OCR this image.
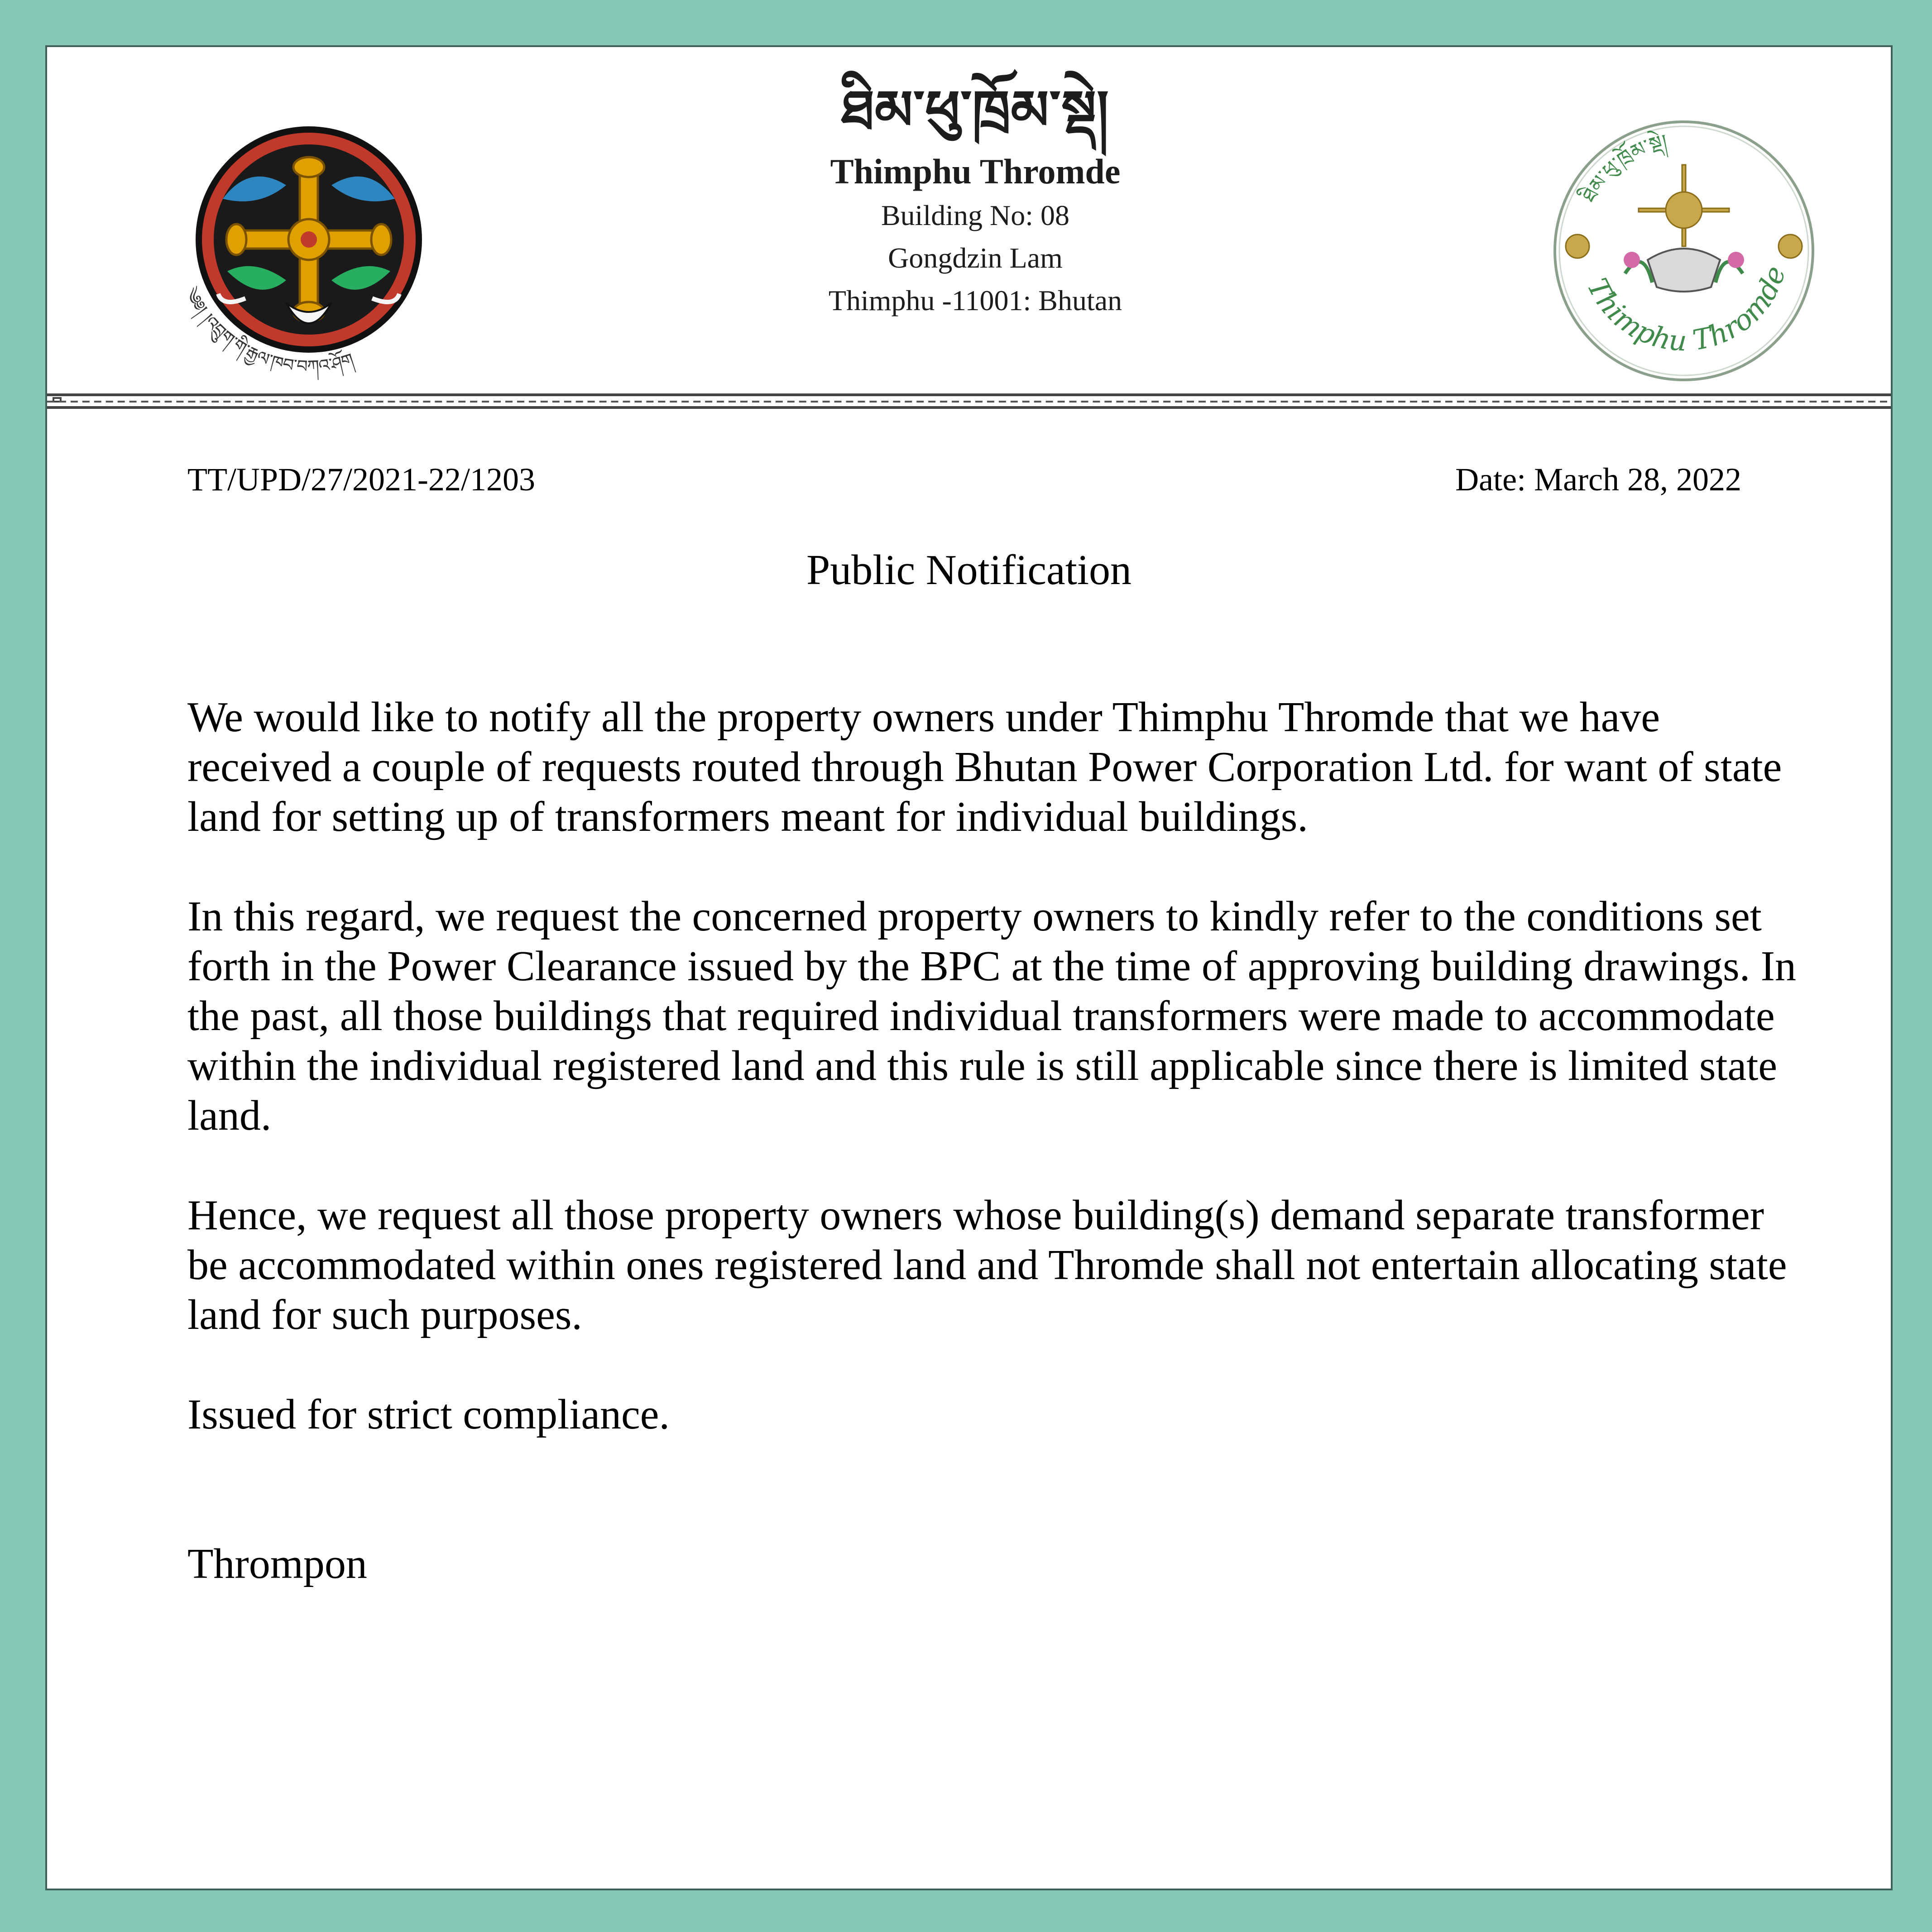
༄༅། །འབྲུག་གི་རྒྱལ་ཁབ་བཀའ་ཤོག

ཐིམ་ཕུ་ཁྲོམ་སྡེ།

Thimphu Thromde

Building No: 08

Gongdzin Lam

Thimphu -11001: Bhutan

ཐིམ་ཕུ་ཁྲོམ་སྡེ།
Thimphu Thromde

TT/UPD/27/2021-22/1203	Date: March 28, 2022

Public Notification

We would like to notify all the property owners under Thimphu Thromde that we have received a couple of requests routed through Bhutan Power Corporation Ltd. for want of state land for setting up of transformers meant for individual buildings.

In this regard, we request the concerned property owners to kindly refer to the conditions set forth in the Power Clearance issued by the BPC at the time of approving building drawings. In the past, all those buildings that required individual transformers were made to accommodate within the individual registered land and this rule is still applicable since there is limited state land.

Hence, we request all those property owners whose building(s) demand separate transformer be accommodated within ones registered land and Thromde shall not entertain allocating state land for such purposes.

Issued for strict compliance.

Thrompon
